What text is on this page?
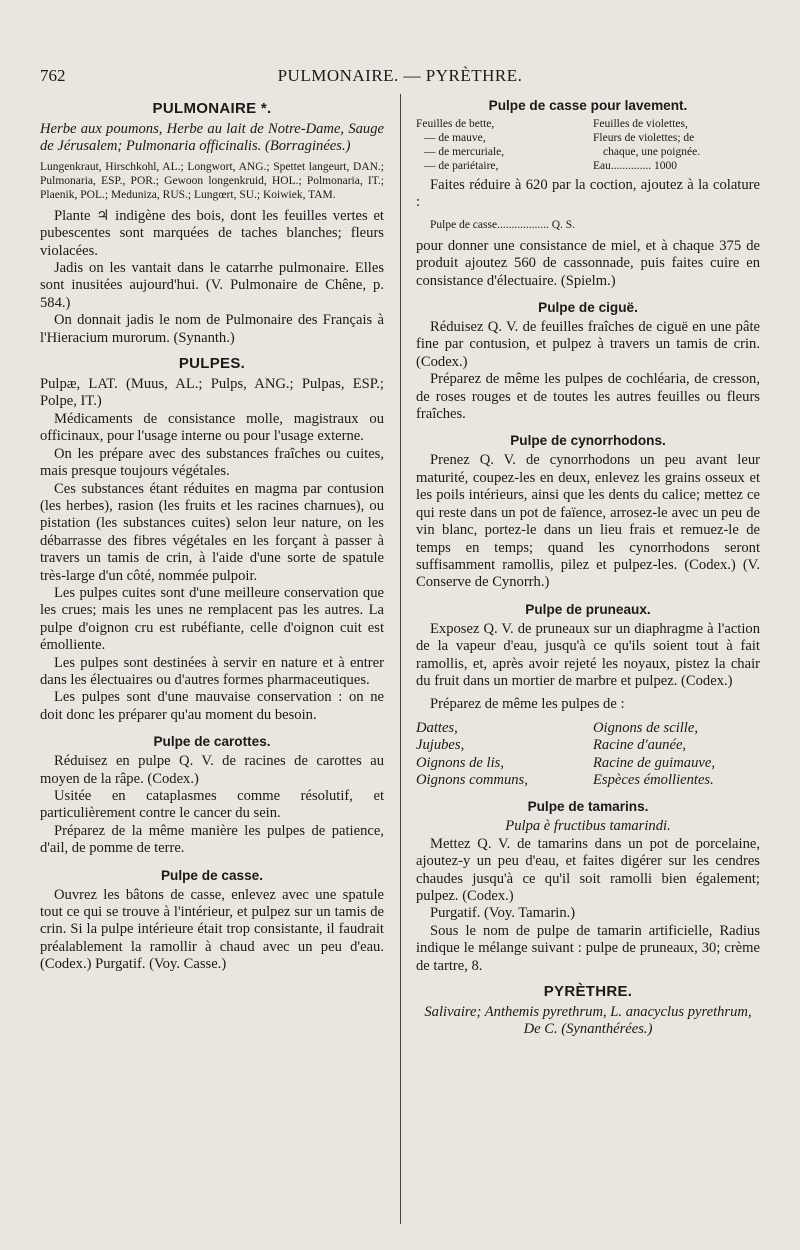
762	PULMONAIRE. — PYRÈTHRE.
PULMONAIRE *.

Herbe aux poumons, Herbe au lait de Notre-Dame, Sauge de Jérusalem; Pulmonaria officinalis. (Borraginées.)

Lungenkraut, Hirschkohl, AL.; Longwort, ANG.; Spettet langeurt, DAN.; Pulmonaria, ESP., POR.; Gewoon longenkruid, HOL.; Polmonaria, IT.; Plaenik, POL.; Meduniza, RUS.; Lungœrt, SU.; Koiwiek, TAM.

Plante ♃ indigène des bois, dont les feuilles vertes et pubescentes sont marquées de taches blanches; fleurs violacées.

Jadis on les vantait dans le catarrhe pulmonaire. Elles sont inusitées aujourd'hui. (V. Pulmonaire de Chêne, p. 584.)

On donnait jadis le nom de Pulmonaire des Français à l'Hieracium murorum. (Synanth.)

PULPES.

Pulpæ, LAT. (Muus, AL.; Pulps, ANG.; Pulpas, ESP.; Polpe, IT.)

Médicaments de consistance molle, magistraux ou officinaux, pour l'usage interne ou pour l'usage externe.

On les prépare avec des substances fraîches ou cuites, mais presque toujours végétales.

Ces substances étant réduites en magma par contusion (les herbes), rasion (les fruits et les racines charnues), ou pistation (les substances cuites) selon leur nature, on les débarrasse des fibres végétales en les forçant à passer à travers un tamis de crin, à l'aide d'une sorte de spatule très-large d'un côté, nommée pulpoir.

Les pulpes cuites sont d'une meilleure conservation que les crues; mais les unes ne remplacent pas les autres. La pulpe d'oignon cru est rubéfiante, celle d'oignon cuit est émolliente.

Les pulpes sont destinées à servir en nature et à entrer dans les électuaires ou d'autres formes pharmaceutiques.

Les pulpes sont d'une mauvaise conservation : on ne doit donc les préparer qu'au moment du besoin.

Pulpe de carottes.

Réduisez en pulpe Q. V. de racines de carottes au moyen de la râpe. (Codex.)

Usitée en cataplasmes comme résolutif, et particulièrement contre le cancer du sein.

Préparez de la même manière les pulpes de patience, d'ail, de pomme de terre.

Pulpe de casse.

Ouvrez les bâtons de casse, enlevez avec une spatule tout ce qui se trouve à l'intérieur, et pulpez sur un tamis de crin. Si la pulpe intérieure était trop consistante, il faudrait préalablement la ramollir à chaud avec un peu d'eau. (Codex.) Purgatif. (Voy. Casse.)

Pulpe de casse pour lavement.
Feuilles de bette,	Feuilles de violettes,
— de mauve,	Fleurs de violettes; de
— de mercuriale,	chaque, une poignée.
— de pariétaire,	Eau.............. 1000

Faites réduire à 620 par la coction, ajoutez à la colature :

Pulpe de casse.................. Q. S.

pour donner une consistance de miel, et à chaque 375 de produit ajoutez 560 de cassonnade, puis faites cuire en consistance d'électuaire. (Spielm.)

Pulpe de ciguë.

Réduisez Q. V. de feuilles fraîches de ciguë en une pâte fine par contusion, et pulpez à travers un tamis de crin. (Codex.)

Préparez de même les pulpes de cochléaria, de cresson, de roses rouges et de toutes les autres feuilles ou fleurs fraîches.

Pulpe de cynorrhodons.

Prenez Q. V. de cynorrhodons un peu avant leur maturité, coupez-les en deux, enlevez les grains osseux et les poils intérieurs, ainsi que les dents du calice; mettez ce qui reste dans un pot de faïence, arrosez-le avec un peu de vin blanc, portez-le dans un lieu frais et remuez-le de temps en temps; quand les cynorrhodons seront suffisamment ramollis, pilez et pulpez-les. (Codex.) (V. Conserve de Cynorrh.)

Pulpe de pruneaux.

Exposez Q. V. de pruneaux sur un diaphragme à l'action de la vapeur d'eau, jusqu'à ce qu'ils soient tout à fait ramollis, et, après avoir rejeté les noyaux, pistez la chair du fruit dans un mortier de marbre et pulpez. (Codex.)

Préparez de même les pulpes de :

Dattes,	Oignons de scille,
Jujubes,	Racine d'aunée,
Oignons de lis,	Racine de guimauve,
Oignons communs,	Espèces émollientes.
Pulpe de tamarins.

Pulpa è fructibus tamarindi.

Mettez Q. V. de tamarins dans un pot de porcelaine, ajoutez-y un peu d'eau, et faites digérer sur les cendres chaudes jusqu'à ce qu'il soit ramolli bien également; pulpez. (Codex.)

Purgatif. (Voy. Tamarin.)

Sous le nom de pulpe de tamarin artificielle, Radius indique le mélange suivant : pulpe de pruneaux, 30; crème de tartre, 8.

PYRÈTHRE.

Salivaire; Anthemis pyrethrum, L. anacyclus pyrethrum, De C. (Synanthérées.)
